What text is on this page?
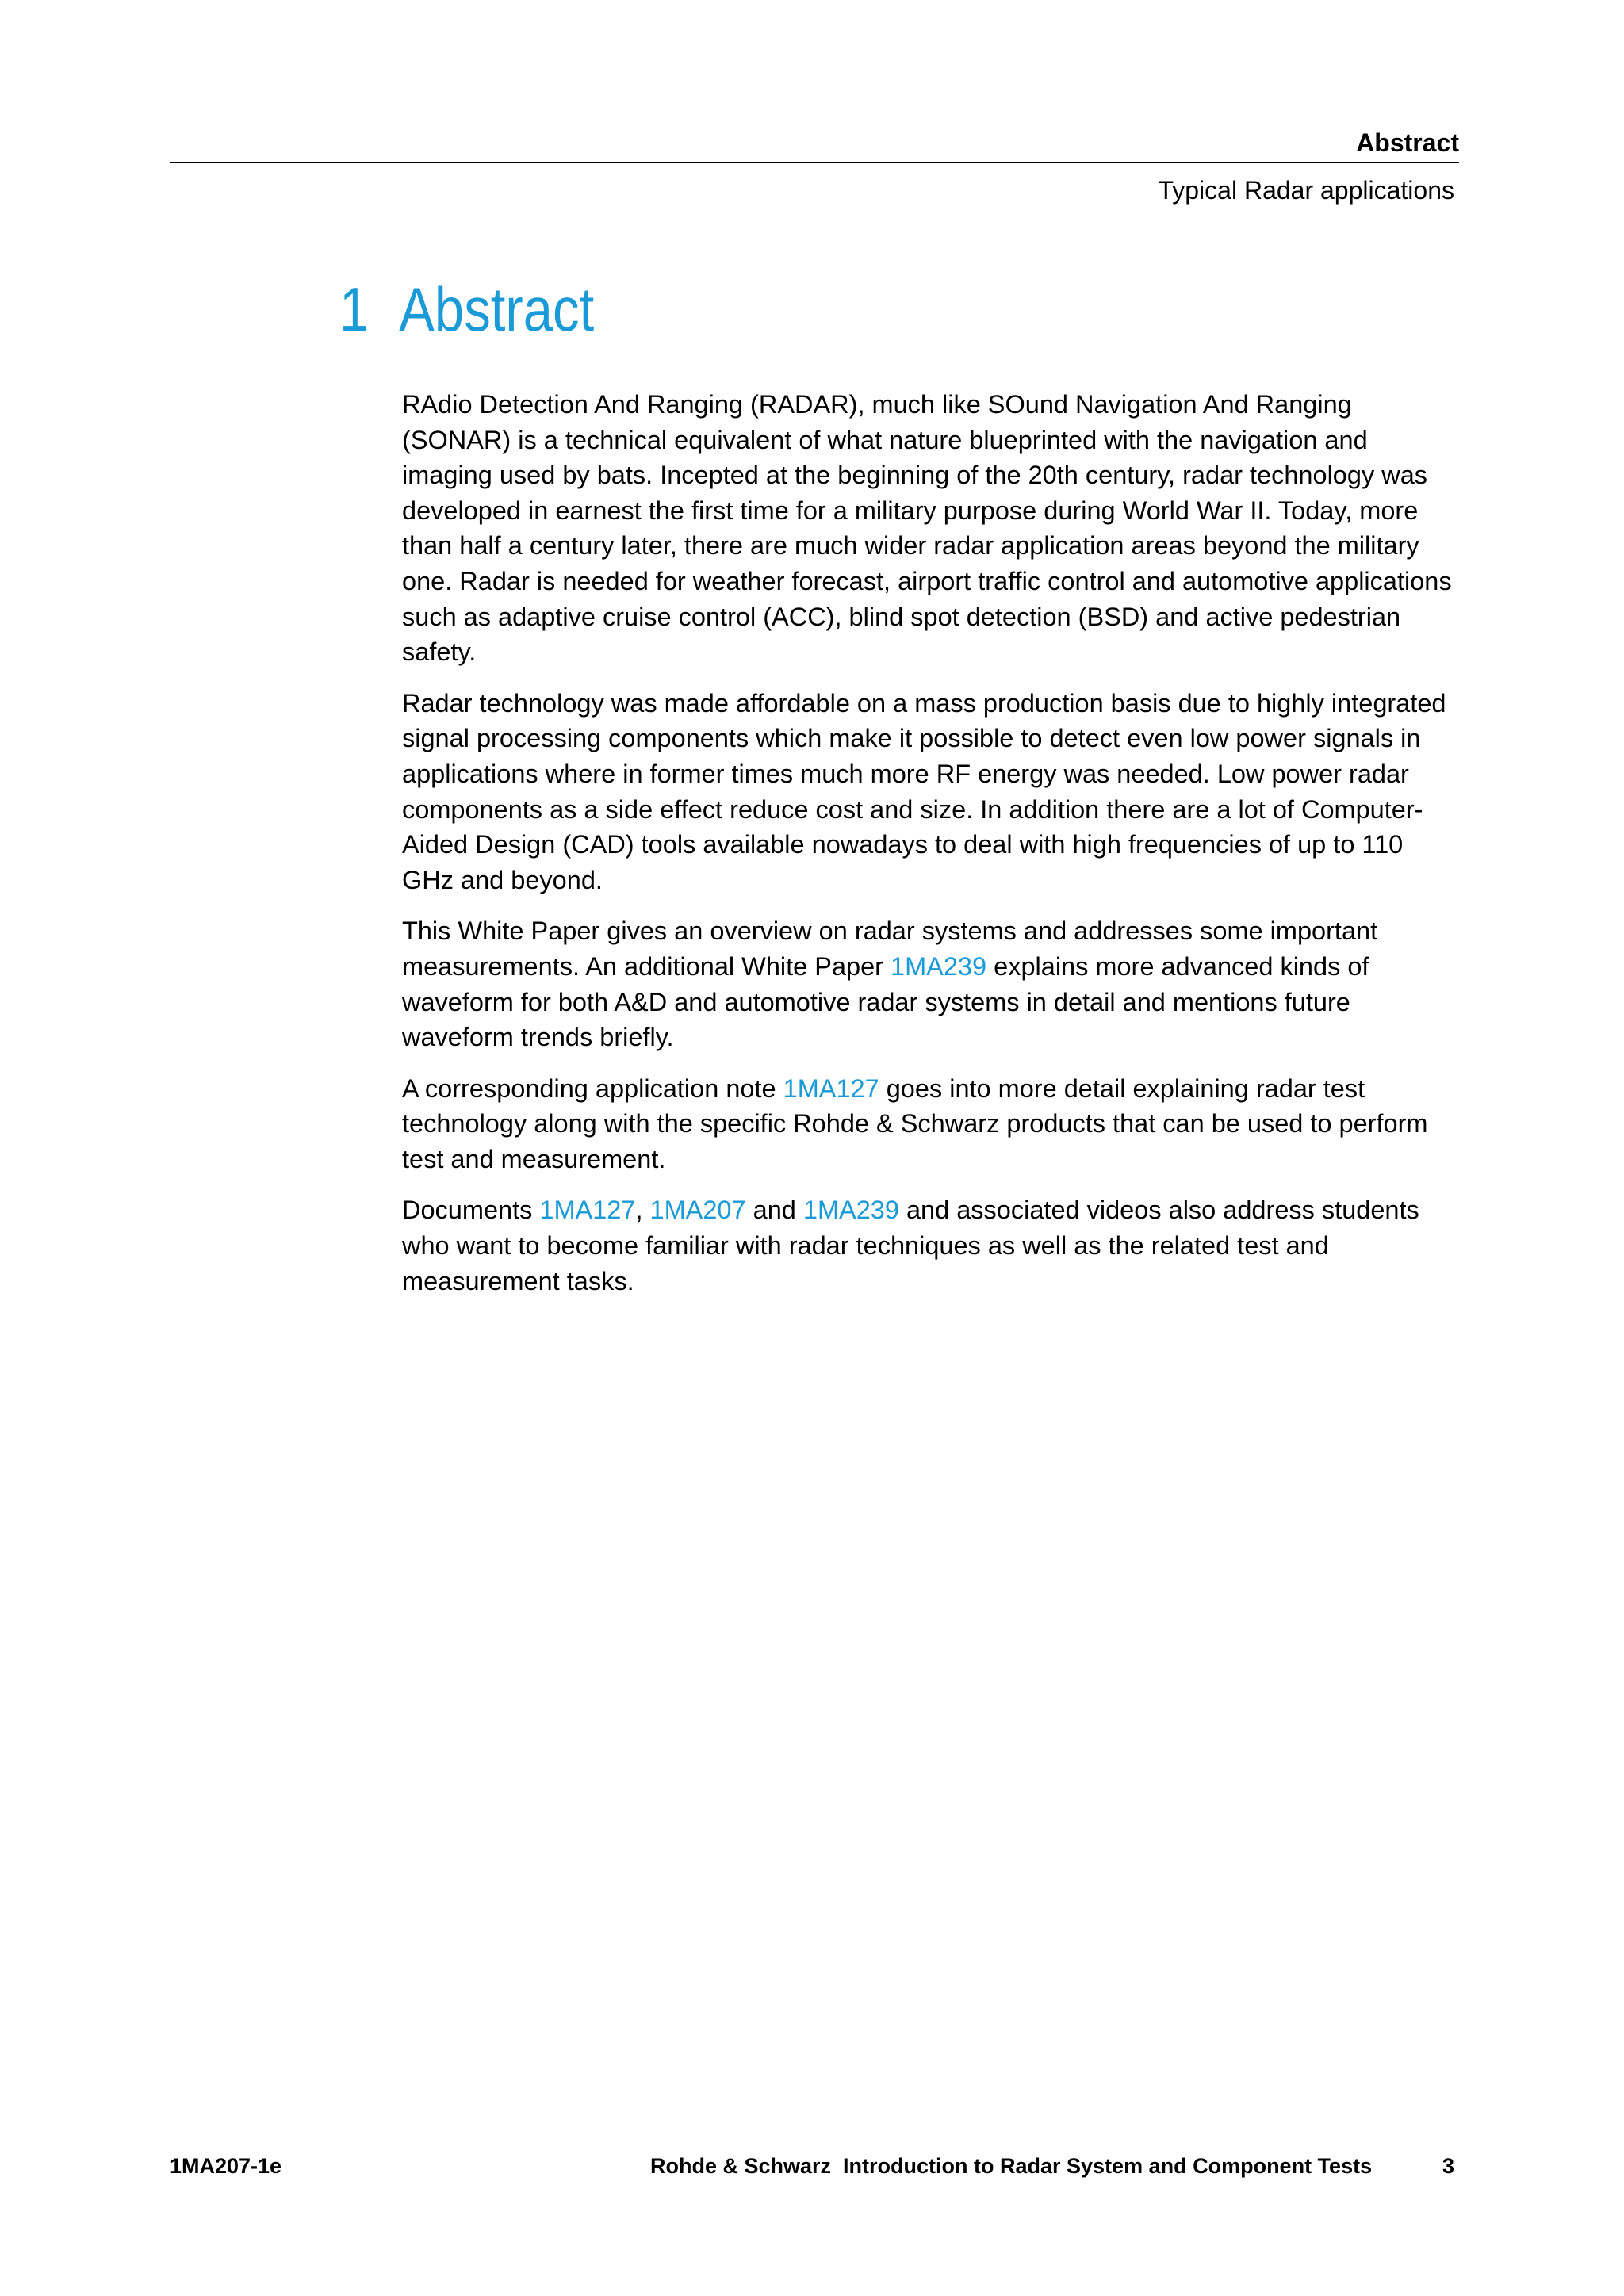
Abstract
Typical Radar applications
1 Abstract

RAdio Detection And Ranging (RADAR), much like SOund Navigation And Ranging (SONAR) is a technical equivalent of what nature blueprinted with the navigation and imaging used by bats. Incepted at the beginning of the 20th century, radar technology was developed in earnest the first time for a military purpose during World War II. Today, more than half a century later, there are much wider radar application areas beyond the military one. Radar is needed for weather forecast, airport traffic control and automotive applications such as adaptive cruise control (ACC), blind spot detection (BSD) and active pedestrian safety.

Radar technology was made affordable on a mass production basis due to highly integrated signal processing components which make it possible to detect even low power signals in applications where in former times much more RF energy was needed. Low power radar components as a side effect reduce cost and size. In addition there are a lot of Computer-Aided Design (CAD) tools available nowadays to deal with high frequencies of up to 110 GHz and beyond.

This White Paper gives an overview on radar systems and addresses some important measurements. An additional White Paper 1MA239 explains more advanced kinds of waveform for both A&D and automotive radar systems in detail and mentions future waveform trends briefly.

A corresponding application note 1MA127 goes into more detail explaining radar test technology along with the specific Rohde & Schwarz products that can be used to perform test and measurement.

Documents 1MA127, 1MA207 and 1MA239 and associated videos also address students who want to become familiar with radar techniques as well as the related test and measurement tasks.

1MA207-1e	Rohde & Schwarz  Introduction to Radar System and Component Tests	3
